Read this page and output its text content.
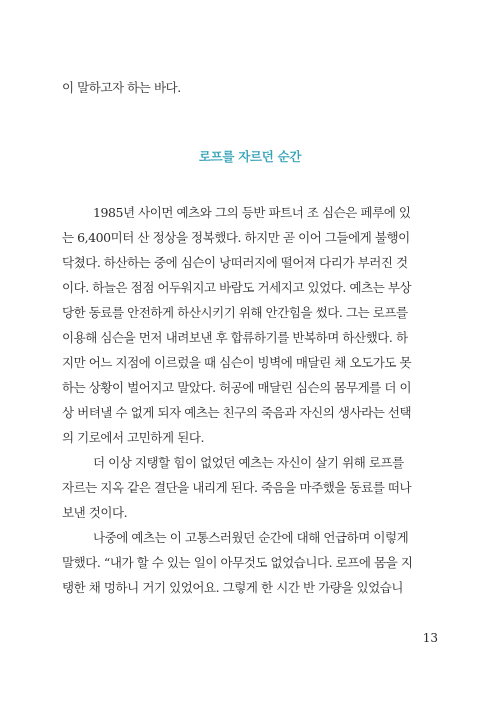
이 말하고자 하는 바다.
로프를 자르던 순간
1985년 사이먼 예츠와 그의 등반 파트너 조 심슨은 페루에 있
는 6,400미터 산 정상을 정복했다. 하지만 곧 이어 그들에게 불행이
닥쳤다. 하산하는 중에 심슨이 낭떠러지에 떨어져 다리가 부러진 것
이다. 하늘은 점점 어두워지고 바람도 거세지고 있었다. 예츠는 부상
당한 동료를 안전하게 하산시키기 위해 안간힘을 썼다. 그는 로프를
이용해 심슨을 먼저 내려보낸 후 합류하기를 반복하며 하산했다. 하
지만 어느 지점에 이르렀을 때 심슨이 빙벽에 매달린 채 오도가도 못
하는 상황이 벌어지고 말았다. 허공에 매달린 심슨의 몸무게를 더 이
상 버텨낼 수 없게 되자 예츠는 친구의 죽음과 자신의 생사라는 선택
의 기로에서 고민하게 된다.
더 이상 지탱할 힘이 없었던 예츠는 자신이 살기 위해 로프를
자르는 지옥 같은 결단을 내리게 된다. 죽음을 마주했을 동료를 떠나
보낸 것이다.
나중에 예츠는 이 고통스러웠던 순간에 대해 언급하며 이렇게
말했다. “내가 할 수 있는 일이 아무것도 없었습니다. 로프에 몸을 지
탱한 채 멍하니 거기 있었어요. 그렇게 한 시간 반 가량을 있었습니
13
